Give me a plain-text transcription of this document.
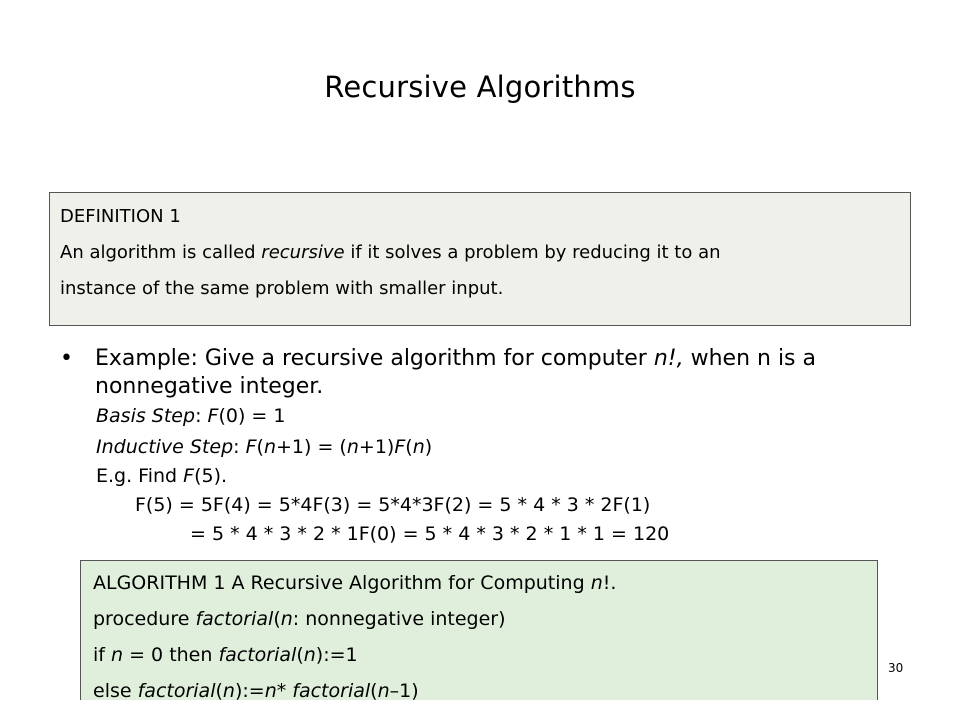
Recursive Algorithms
DEFINITION 1
An algorithm is called recursive if it solves a problem by reducing it to an
instance of the same problem with smaller input.
• Example: Give a recursive algorithm for computer n!, when n is a nonnegative integer.
Basis Step: F(0) = 1
Inductive Step: F(n+1) = (n+1)F(n)
E.g. Find F(5).
F(5) = 5F(4) = 5*4F(3) = 5*4*3F(2) = 5 * 4 * 3 * 2F(1)
= 5 * 4 * 3 * 2 * 1F(0) = 5 * 4 * 3 * 2 * 1 * 1 = 120
ALGORITHM 1 A Recursive Algorithm for Computing n!.
procedure factorial(n: nonnegative integer)
if n = 0 then factorial(n):=1
else factorial(n):=n* factorial(n–1)
30
